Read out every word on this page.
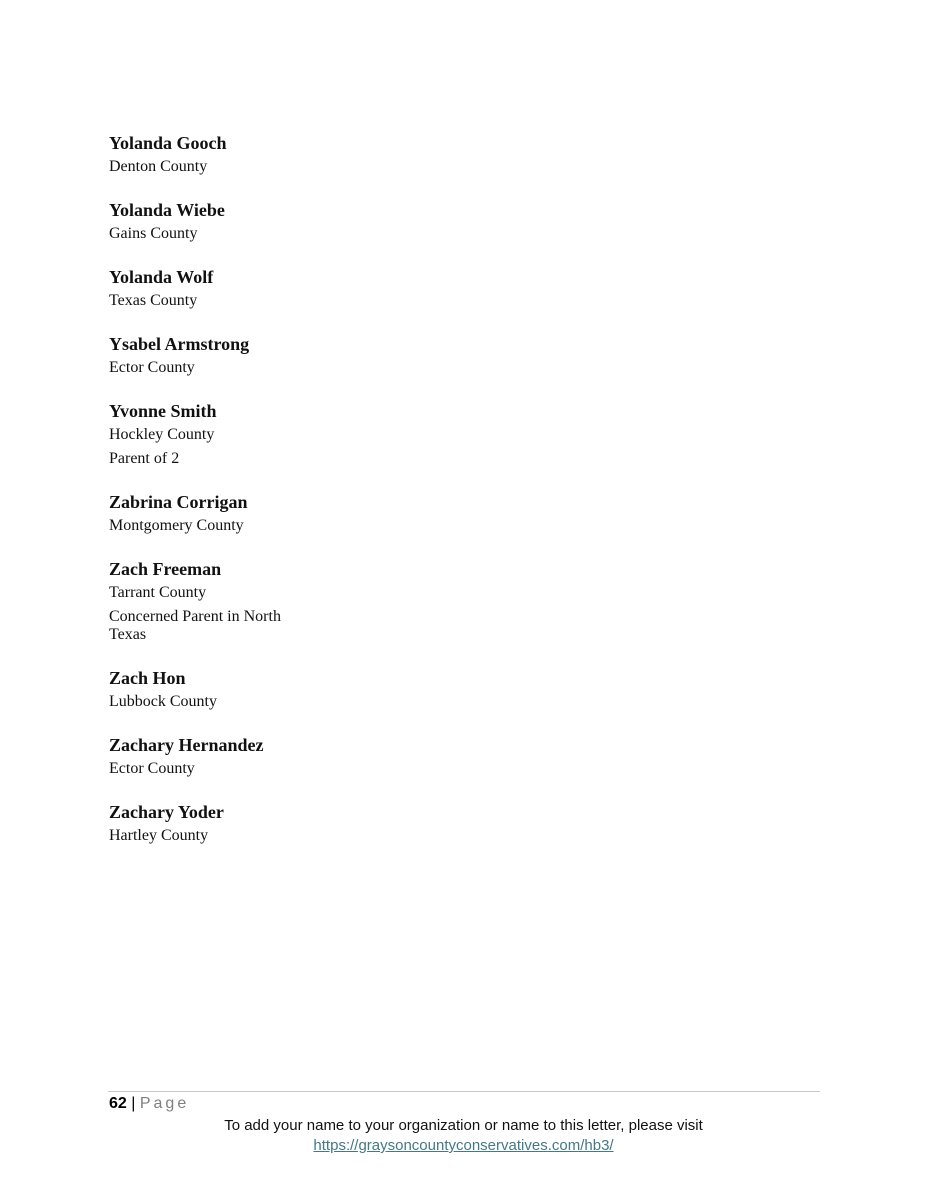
Yolanda Gooch
Denton County
Yolanda Wiebe
Gains County
Yolanda Wolf
Texas County
Ysabel Armstrong
Ector County
Yvonne Smith
Hockley County
Parent of 2
Zabrina Corrigan
Montgomery County
Zach Freeman
Tarrant County
Concerned Parent in North Texas
Zach Hon
Lubbock County
Zachary Hernandez
Ector County
Zachary Yoder
Hartley County
62 | Page
To add your name to your organization or name to this letter, please visit
https://graysoncountyconservatives.com/hb3/
